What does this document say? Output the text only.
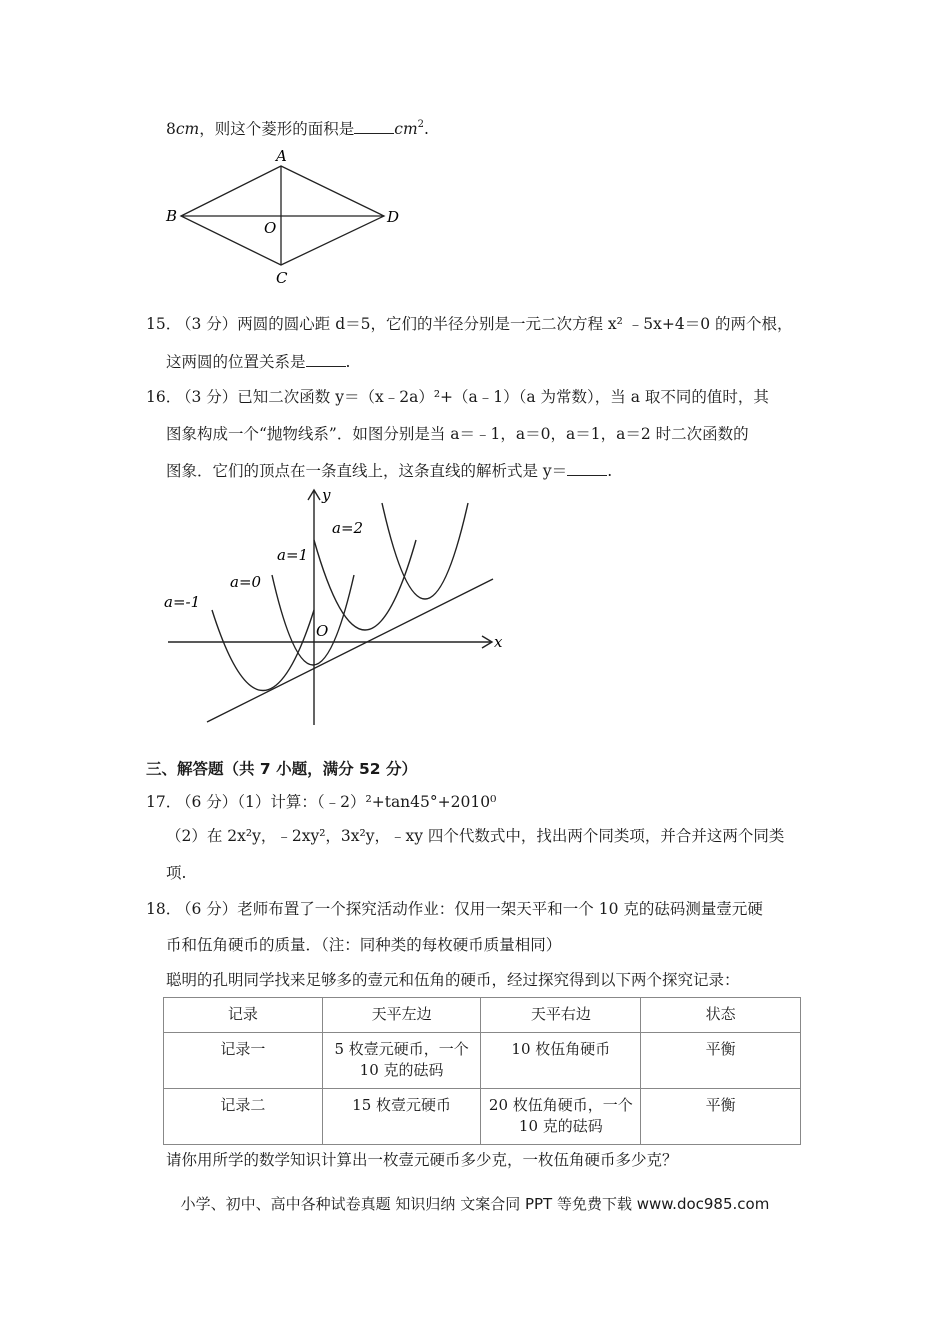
8cm，则这个菱形的面积是	$cm^2$.
A
B
C
D
O
15．
（3 分）两圆的圆心距 d＝5，它们的半径分别是一元二次方程 x² ﹣5x+4＝0 的两个根，
这两圆的位置关系是	.
16．
（3 分）已知二次函数 y＝（x﹣2a）²+（a﹣1）（a 为常数），当 a 取不同的值时，其
图象构成一个“抛物线系”．如图分别是当 a＝﹣1，a＝0，a＝1，a＝2 时二次函数的
图象．它们的顶点在一条直线上，这条直线的解析式是 y＝	.
a=-1
a=0
a=1
a=2
O
x
y
三、解答题（共 7 小题，满分 52 分）
17．
（6 分）（1）计算：（﹣2）²+tan45°+2010⁰
（2）在 2x²y，﹣2xy²，3x²y，﹣xy 四个代数式中，找出两个同类项，并合并这两个同类
项.
18．
（6 分）老师布置了一个探究活动作业：仅用一架天平和一个 10 克的砝码测量壹元硬
币和伍角硬币的质量．（注：同种类的每枚硬币质量相同）
聪明的孔明同学找来足够多的壹元和伍角的硬币，经过探究得到以下两个探究记录：
记录	天平左边	天平右边	状态
记录一	5 枚壹元硬币，一个 10 克的砝码	10 枚伍角硬币	平衡
记录二	15 枚壹元硬币	20 枚伍角硬币，一个 10 克的砝码	平衡
请你用所学的数学知识计算出一枚壹元硬币多少克，一枚伍角硬币多少克？
小学、初中、高中各种试卷真题 知识归纳 文案合同 PPT 等免费下载 www.doc985.com
